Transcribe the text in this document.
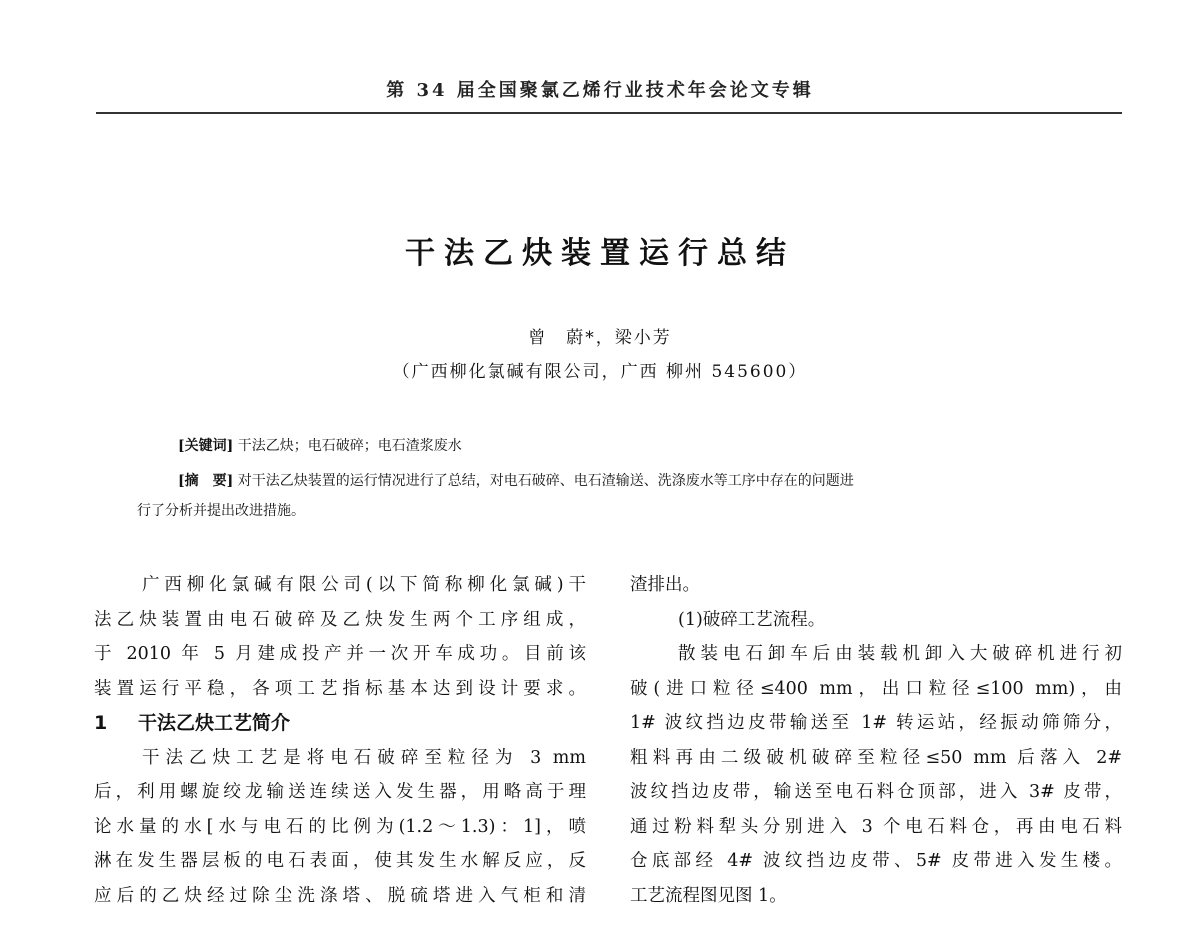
第 34 届全国聚氯乙烯行业技术年会论文专辑
干法乙炔装置运行总结
曾　蔚*，梁小芳
（广西柳化氯碱有限公司，广西 柳州 545600）
[关键词] 干法乙炔；电石破碎；电石渣浆废水
[摘　要] 对干法乙炔装置的运行情况进行了总结，对电石破碎、电石渣输送、洗涤废水等工序中存在的问题进
行了分析并提出改进措施。
广西柳化氯碱有限公司(以下简称柳化氯碱)干
法乙炔装置由电石破碎及乙炔发生两个工序组成，
于 2010 年 5 月建成投产并一次开车成功。目前该
装置运行平稳，各项工艺指标基本达到设计要求。
1 干法乙炔工艺简介
干法乙炔工艺是将电石破碎至粒径为 3 mm
后，利用螺旋绞龙输送连续送入发生器，用略高于理
论水量的水[水与电石的比例为(1.2～1.3)：1]，喷
淋在发生器层板的电石表面，使其发生水解反应，反
应后的乙炔经过除尘洗涤塔、脱硫塔进入气柜和清
渣排出。
(1)破碎工艺流程。
散装电石卸车后由装载机卸入大破碎机进行初
破(进口粒径≤400 mm，出口粒径≤100 mm)，由
1# 波纹挡边皮带输送至 1# 转运站，经振动筛筛分，
粗料再由二级破机破碎至粒径≤50 mm 后落入 2#
波纹挡边皮带，输送至电石料仓顶部，进入 3# 皮带，
通过粉料犁头分别进入 3 个电石料仓，再由电石料
仓底部经 4# 波纹挡边皮带、5# 皮带进入发生楼。
工艺流程图见图 1。
